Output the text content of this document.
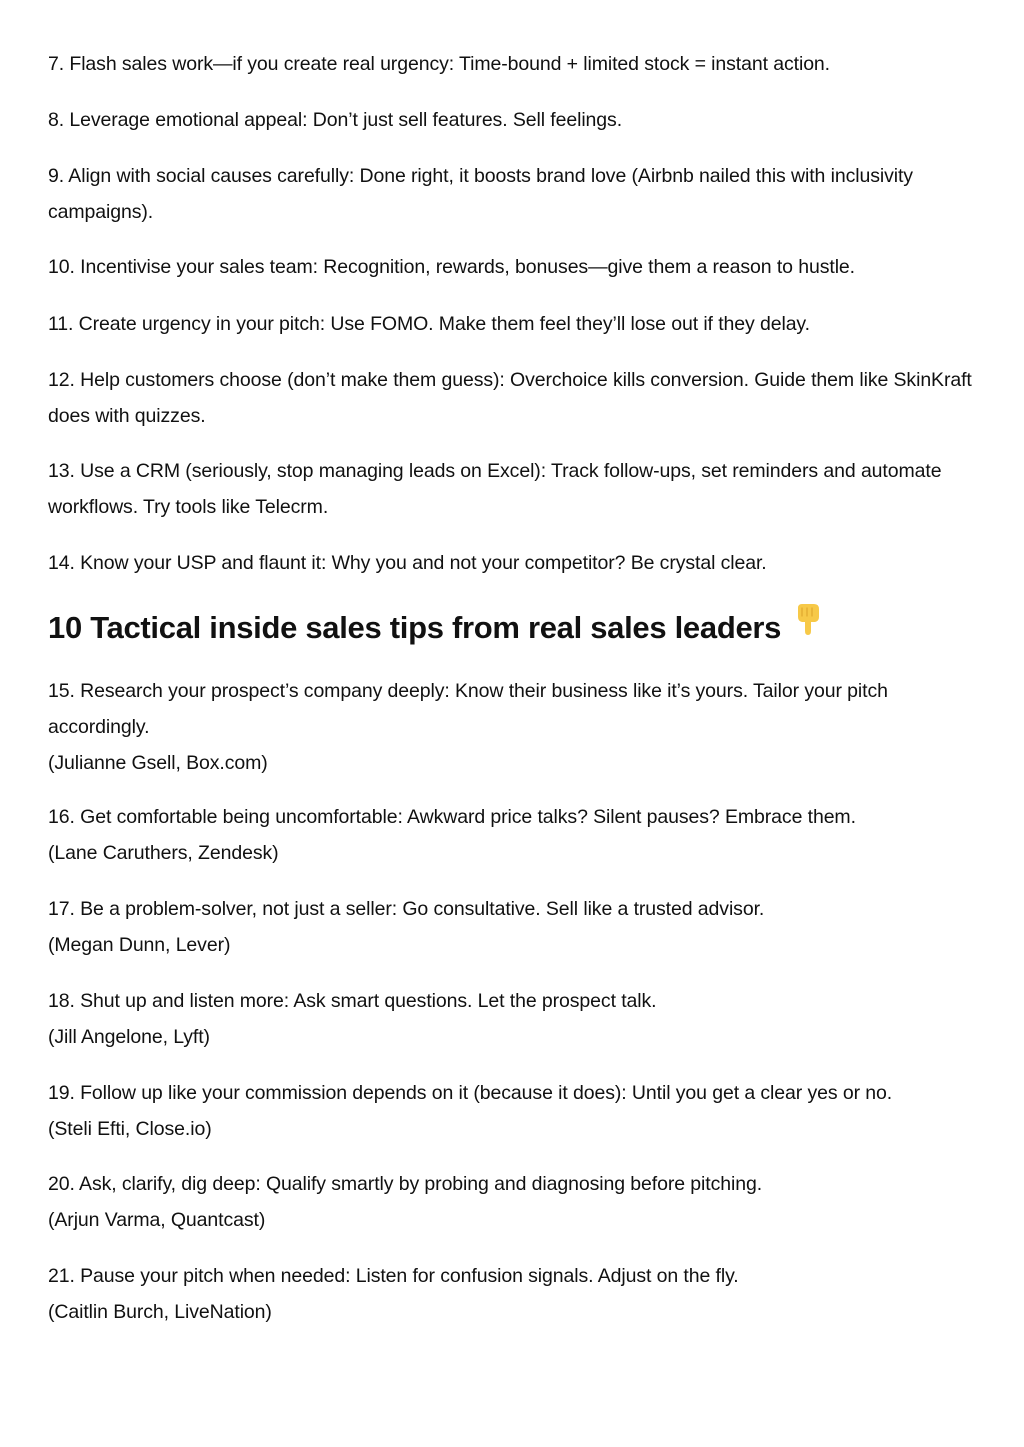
7. Flash sales work—if you create real urgency: Time-bound + limited stock = instant action.

8. Leverage emotional appeal: Don’t just sell features. Sell feelings.

9. Align with social causes carefully: Done right, it boosts brand love (Airbnb nailed this with inclusivity campaigns).

10. Incentivise your sales team: Recognition, rewards, bonuses—give them a reason to hustle.

11. Create urgency in your pitch: Use FOMO. Make them feel they’ll lose out if they delay.

12. Help customers choose (don’t make them guess): Overchoice kills conversion. Guide them like SkinKraft does with quizzes.

13. Use a CRM (seriously, stop managing leads on Excel): Track follow-ups, set reminders and automate workflows. Try tools like Telecrm.

14. Know your USP and flaunt it: Why you and not your competitor? Be crystal clear.

10 Tactical inside sales tips from real sales leaders

15. Research your prospect’s company deeply: Know their business like it’s yours. Tailor your pitch accordingly.
(Julianne Gsell, Box.com)

16. Get comfortable being uncomfortable: Awkward price talks? Silent pauses? Embrace them.
(Lane Caruthers, Zendesk)

17. Be a problem-solver, not just a seller: Go consultative. Sell like a trusted advisor.
(Megan Dunn, Lever)

18. Shut up and listen more: Ask smart questions. Let the prospect talk.
(Jill Angelone, Lyft)

19. Follow up like your commission depends on it (because it does): Until you get a clear yes or no.
(Steli Efti, Close.io)

20. Ask, clarify, dig deep: Qualify smartly by probing and diagnosing before pitching.
(Arjun Varma, Quantcast)

21. Pause your pitch when needed: Listen for confusion signals. Adjust on the fly.
(Caitlin Burch, LiveNation)
